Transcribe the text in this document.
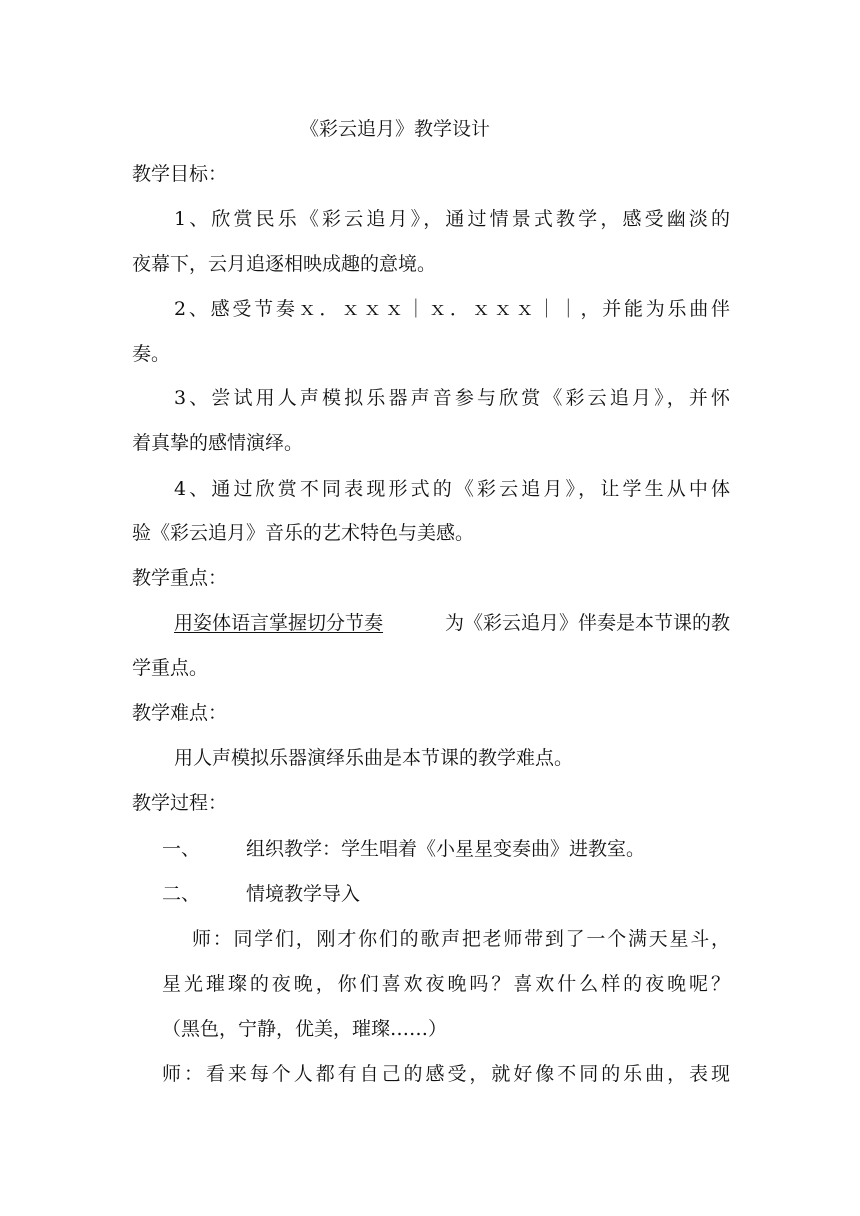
《彩云追月》教学设计
教学目标：
1、欣赏民乐《彩云追月》，通过情景式教学，感受幽淡的
夜幕下，云月追逐相映成趣的意境。
2、感受节奏ｘ．ｘｘｘ｜ｘ．ｘｘｘ｜｜，并能为乐曲伴
奏。
3、尝试用人声模拟乐器声音参与欣赏《彩云追月》，并怀
着真挚的感情演绎。
4、通过欣赏不同表现形式的《彩云追月》，让学生从中体
验《彩云追月》音乐的艺术特色与美感。
教学重点：
用姿体语言掌握切分节奏	为《彩云追月》伴奏是本节课的教
学重点。
教学难点：
用人声模拟乐器演绎乐曲是本节课的教学难点。
教学过程：
一、 组织教学：学生唱着《小星星变奏曲》进教室。
二、 情境教学导入
师：同学们，刚才你们的歌声把老师带到了一个满天星斗，
星光璀璨的夜晚，你们喜欢夜晚吗？喜欢什么样的夜晚呢？
（黑色，宁静，优美，璀璨……）
师：看来每个人都有自己的感受，就好像不同的乐曲，表现
